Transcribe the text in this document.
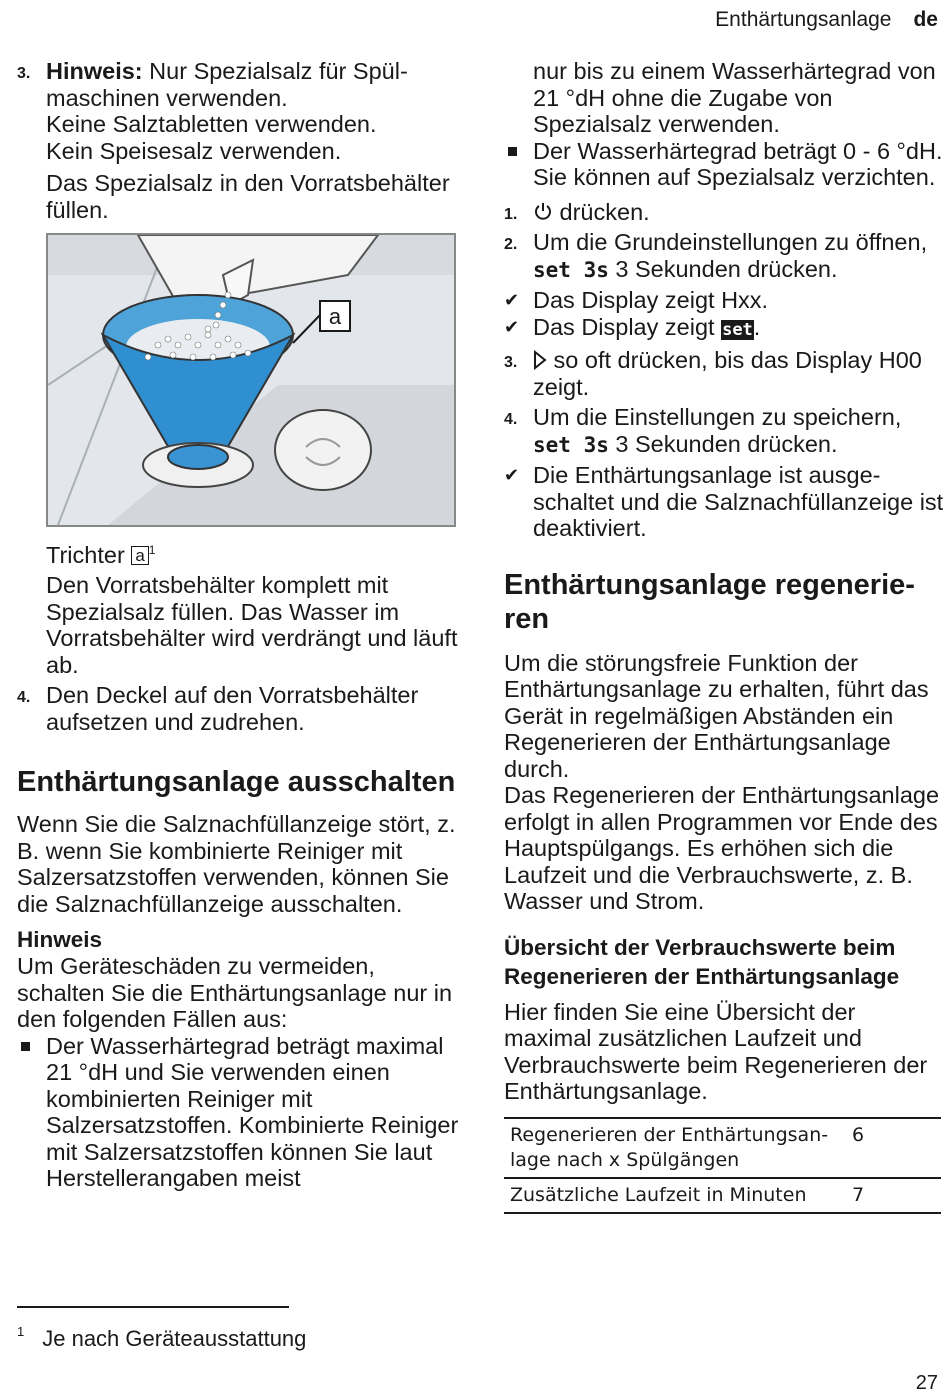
Enthärtungsanlage de

3. Hinweis: Nur Spezialsalz für Spülmaschinen verwenden.

Keine Salztabletten verwenden.

Kein Speisesalz verwenden.

Das Spezialsalz in den Vorratsbehälter füllen.

a

Trichter a $^1$

Den Vorratsbehälter komplett mit Spezialsalz füllen. Das Wasser im Vorratsbehälter wird verdrängt und läuft ab.

4. Den Deckel auf den Vorratsbehälter aufsetzen und zudrehen.

Enthärtungsanlage ausschalten

Wenn Sie die Salznachfüllanzeige stört, z. B. wenn Sie kombinierte Reiniger mit Salzersatzstoffen verwenden, können Sie die Salznachfüllanzeige ausschalten.

Hinweis

Um Geräteschäden zu vermeiden, schalten Sie die Enthärtungsanlage nur in den folgenden Fällen aus:

Der Wasserhärtegrad beträgt maximal 21 °dH und Sie verwenden einen kombinierten Reiniger mit Salzersatzstoffen. Kombinierte Reiniger mit Salzersatzstoffen können Sie laut Herstellerangaben meist

nur bis zu einem Wasserhärtegrad von 21 °dH ohne die Zugabe von Spezialsalz verwenden.

Der Wasserhärtegrad beträgt 0 - 6 °dH. Sie können auf Spezialsalz verzichten.

1. drücken.

2. Um die Grundeinstellungen zu öffnen, set 3s 3 Sekunden drücken.

✔ Das Display zeigt Hxx.

✔ Das Display zeigt set.

3. so oft drücken, bis das Display H00 zeigt.

4. Um die Einstellungen zu speichern, set 3s 3 Sekunden drücken.

✔ Die Enthärtungsanlage ist ausgeschaltet und die Salznachfüllanzeige ist deaktiviert.

Enthärtungsanlage regenerieren

Um die störungsfreie Funktion der Enthärtungsanlage zu erhalten, führt das Gerät in regelmäßigen Abständen ein Regenerieren der Enthärtungsanlage durch.

Das Regenerieren der Enthärtungsanlage erfolgt in allen Programmen vor Ende des Hauptspülgangs. Es erhöhen sich die Laufzeit und die Verbrauchswerte, z. B. Wasser und Strom.

Übersicht der Verbrauchswerte beim Regenerieren der Enthärtungsanlage

Hier finden Sie eine Übersicht der maximal zusätzlichen Laufzeit und Verbrauchswerte beim Regenerieren der Enthärtungsanlage.

Regenerieren der Enthärtungsanlage nach x Spülgängen	6
Zusätzliche Laufzeit in Minuten	7
$^1$ Je nach Geräteausstattung
27
